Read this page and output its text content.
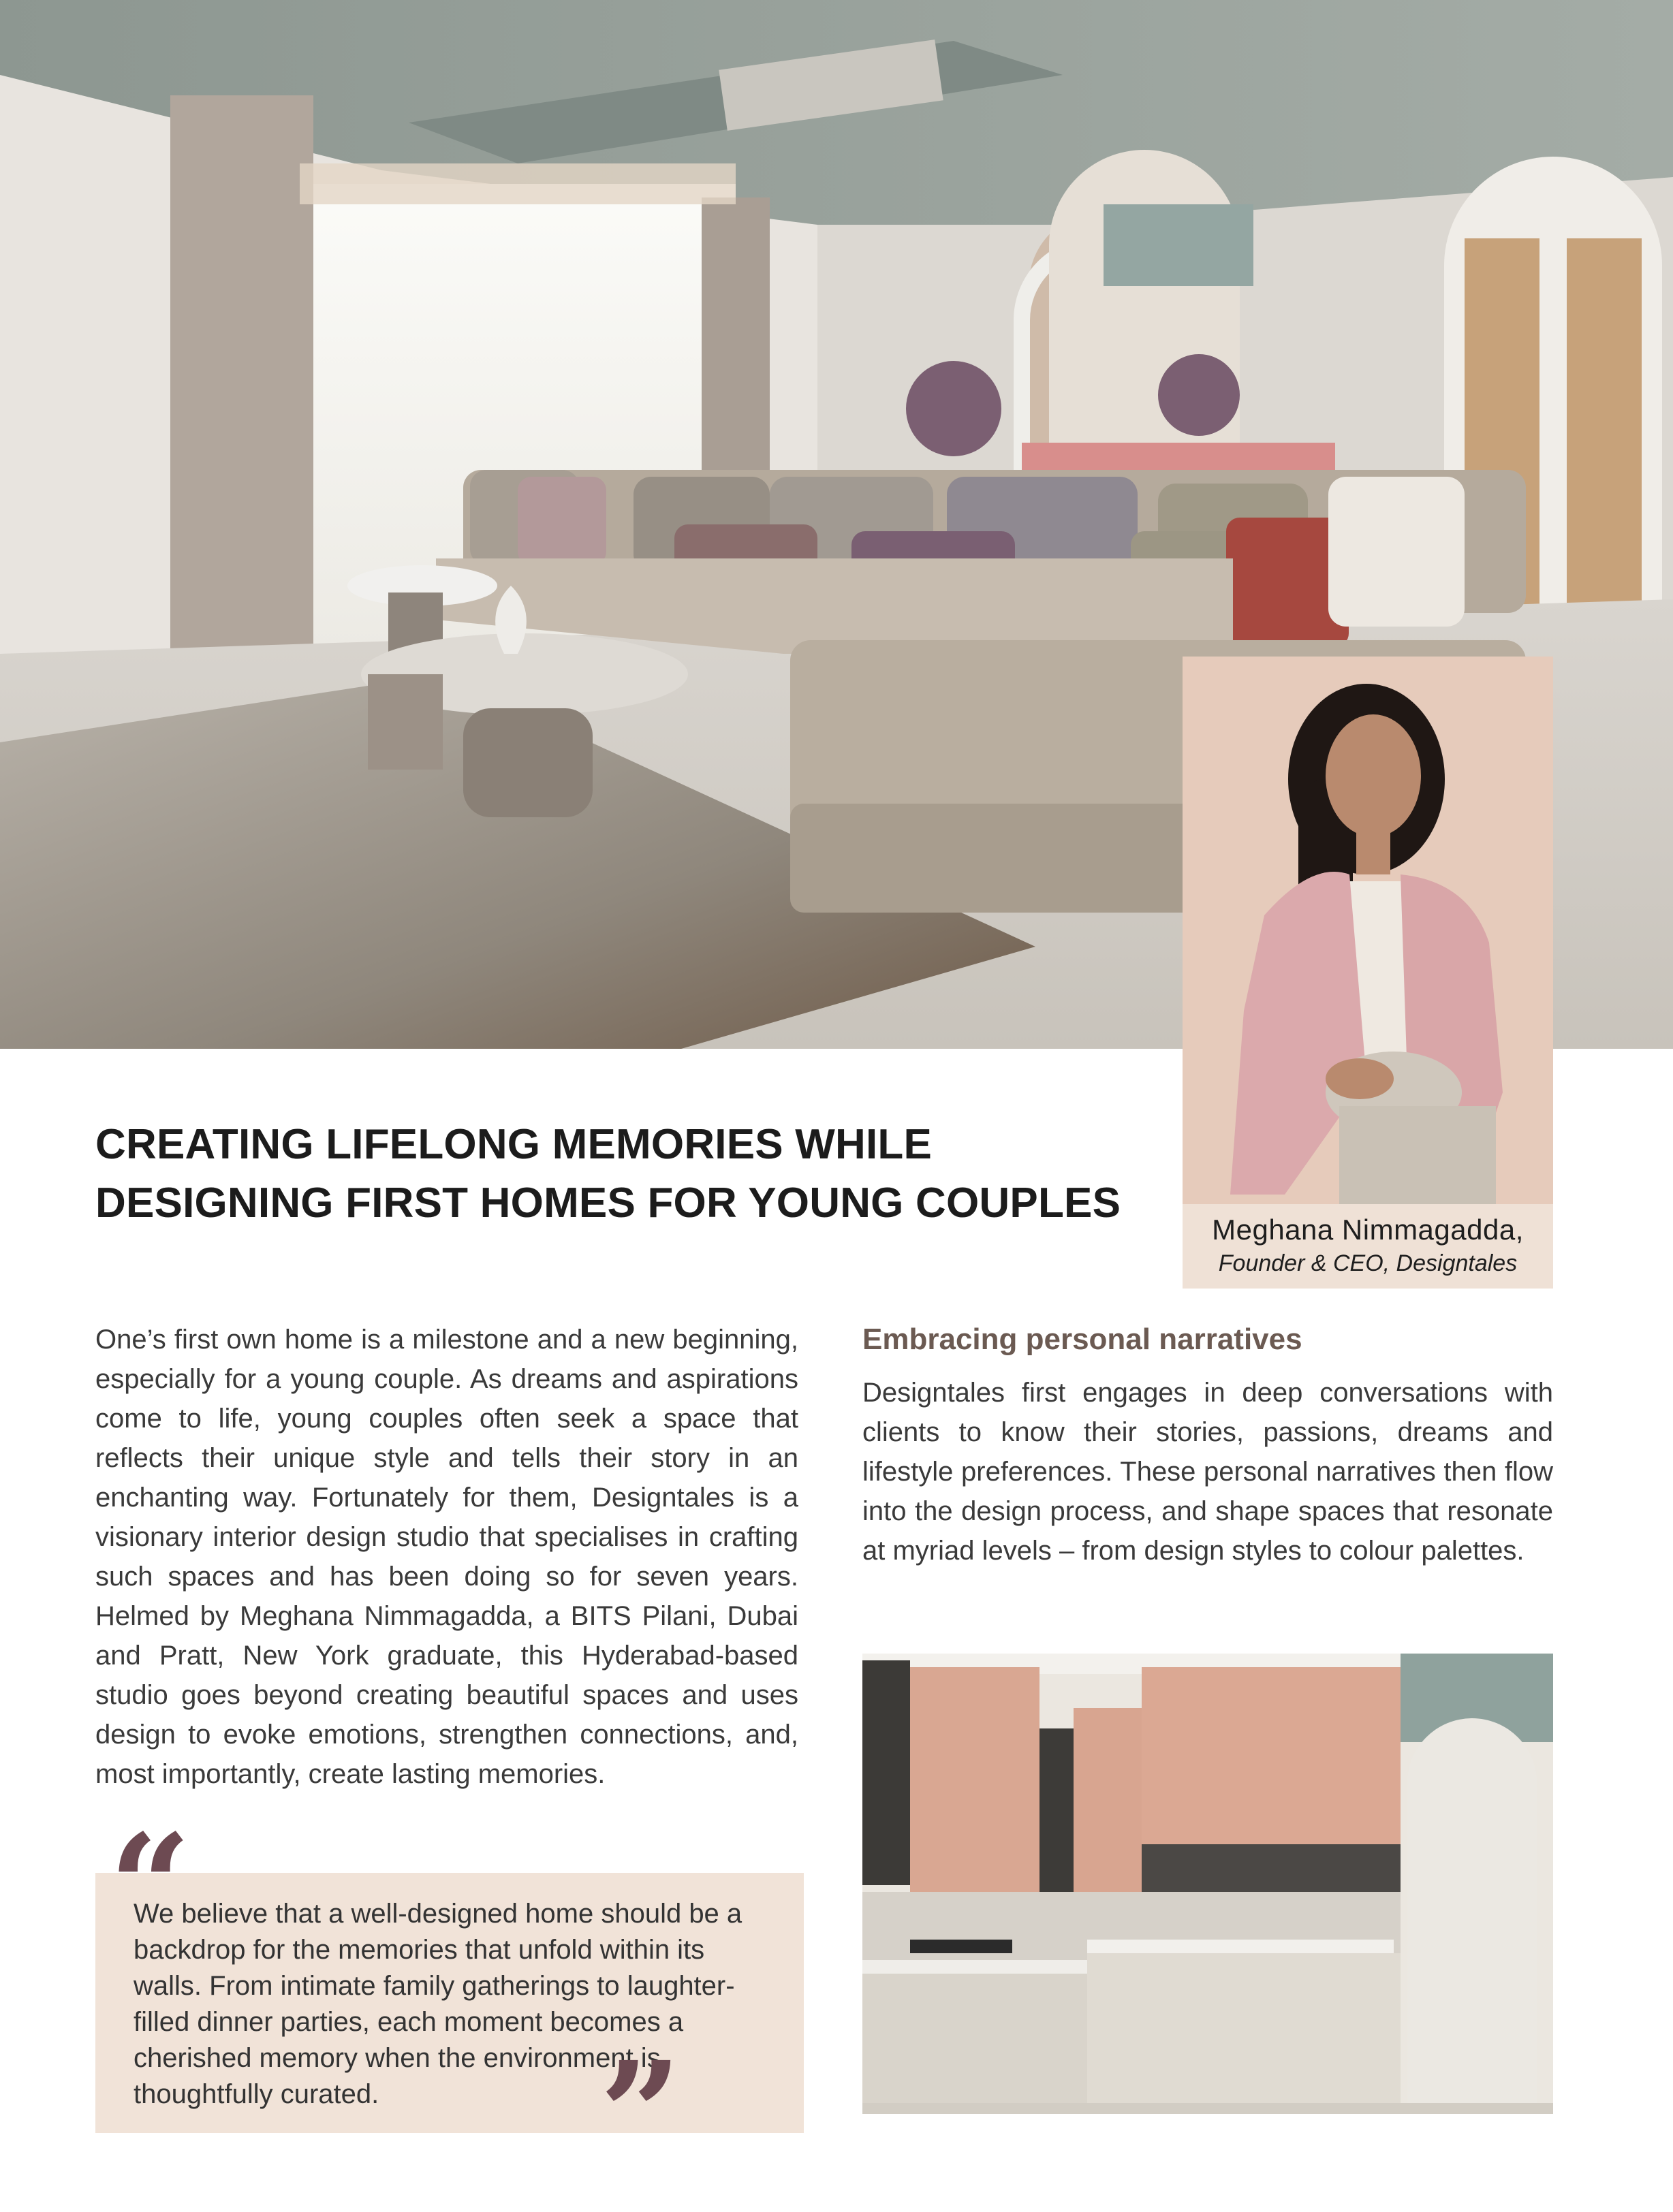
Meghana Nimmagadda,
Founder & CEO, Designtales
CREATING LIFELONG MEMORIES WHILE
DESIGNING FIRST HOMES FOR YOUNG COUPLES

One’s first own home is a milestone and a new beginning, especially for a young couple. As dreams and aspirations come to life, young couples often seek a space that reflects their unique style and tells their story in an enchanting way. Fortunately for them, Designtales is a visionary interior design studio that specialises in crafting such spaces and has been doing so for seven years. Helmed by Meghana Nimmagadda, a BITS Pilani, Dubai and Pratt, New York graduate, this Hyderabad-based studio goes beyond creating beautiful spaces and uses design to evoke emotions, strengthen connections, and, most importantly, create lasting memories.

Embracing personal narratives

Designtales first engages in deep conversations with clients to know their stories, passions, dreams and lifestyle preferences. These personal narratives then flow into the design process, and shape spaces that resonate at myriad levels – from design styles to colour palettes.

“

We believe that a well-designed home should be a backdrop for the memories that unfold within its walls. From intimate family gatherings to laughter-filled dinner parties, each moment becomes a cherished memory when the environment is thoughtfully curated.	”
